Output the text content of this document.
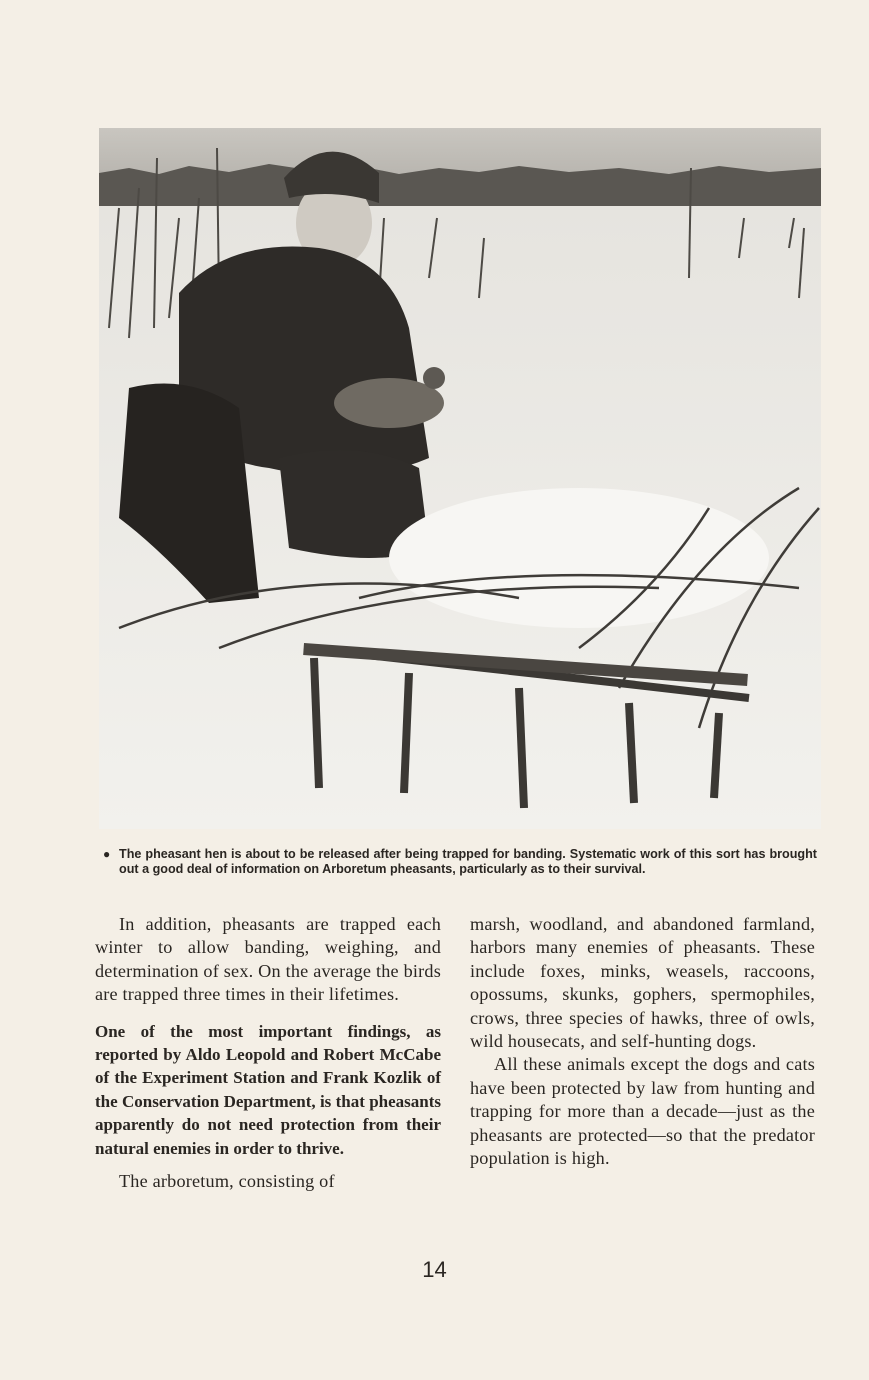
● The pheasant hen is about to be released after being trapped for banding. Systematic work of this sort has brought out a good deal of information on Arboretum pheasants, particularly as to their survival.

In addition, pheasants are trapped each winter to allow banding, weighing, and determination of sex. On the average the birds are trapped three times in their lifetimes.

One of the most important findings, as reported by Aldo Leopold and Robert McCabe of the Experiment Station and Frank Kozlik of the Conservation Department, is that pheasants apparently do not need protection from their natural enemies in order to thrive.

The arboretum, consisting of

marsh, woodland, and abandoned farmland, harbors many enemies of pheasants. These include foxes, minks, weasels, raccoons, opossums, skunks, gophers, spermophiles, crows, three species of hawks, three of owls, wild housecats, and self-hunting dogs.

All these animals except the dogs and cats have been protected by law from hunting and trapping for more than a decade—just as the pheasants are protected—so that the predator population is high.

14
